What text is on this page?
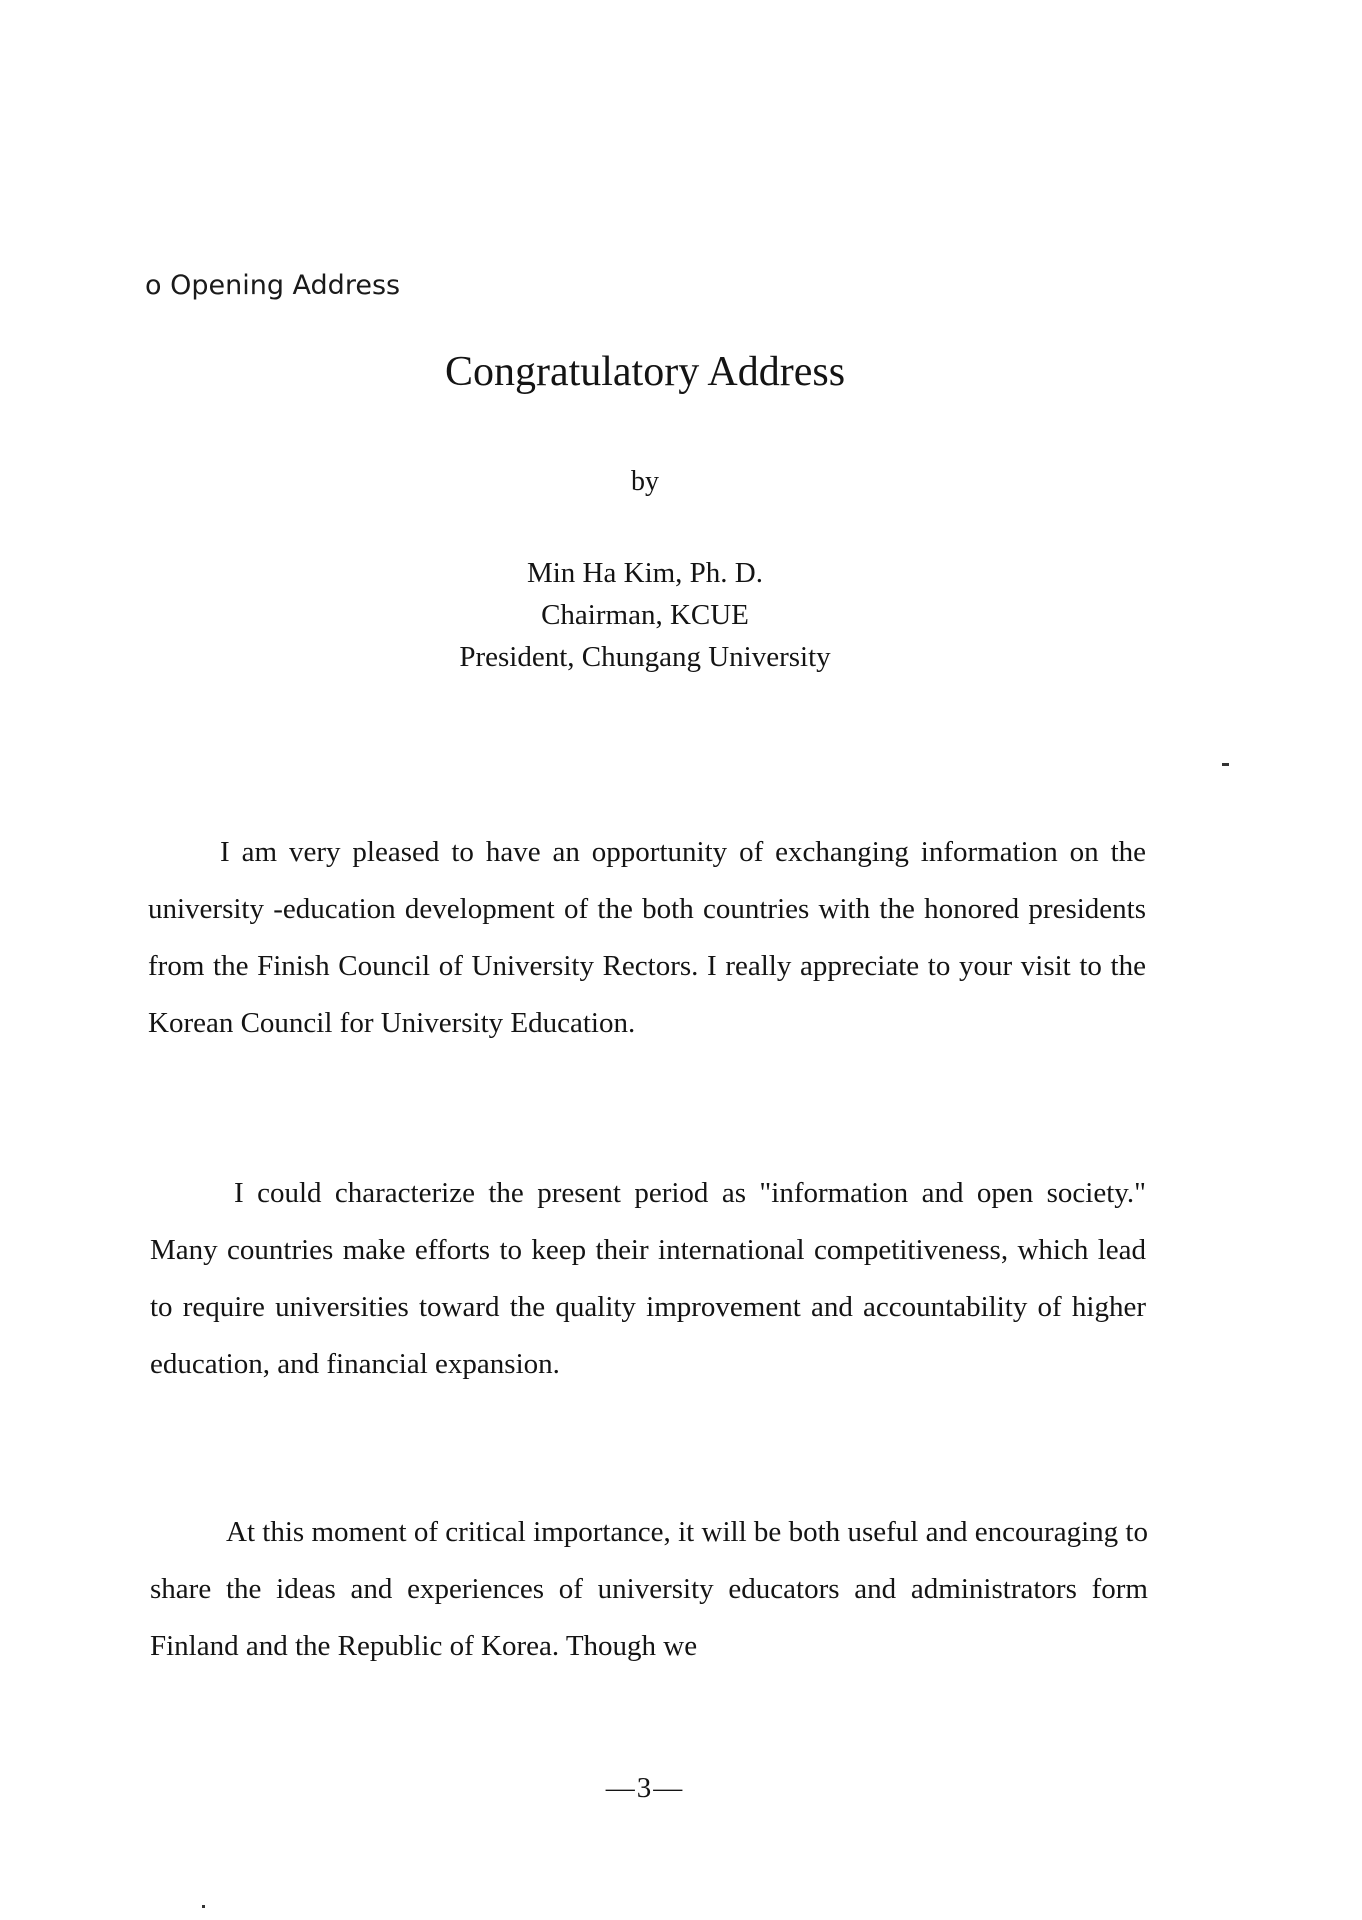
o Opening Address
Congratulatory Address
by
Min Ha Kim, Ph. D.
Chairman, KCUE
President, Chungang University

I am very pleased to have an opportunity of exchanging information on the university -education development of the both countries with the honored presidents from the Finish Council of University Rectors. I really appreciate to your visit to the Korean Council for University Education.

I could characterize the present period as "information and open society." Many countries make efforts to keep their international competitiveness, which lead to require universities toward the quality improvement and accountability of higher education, and financial expansion.

At this moment of critical importance, it will be both useful and encouraging to share the ideas and experiences of university educators and administrators form Finland and the Republic of Korea. Though we

—3—
